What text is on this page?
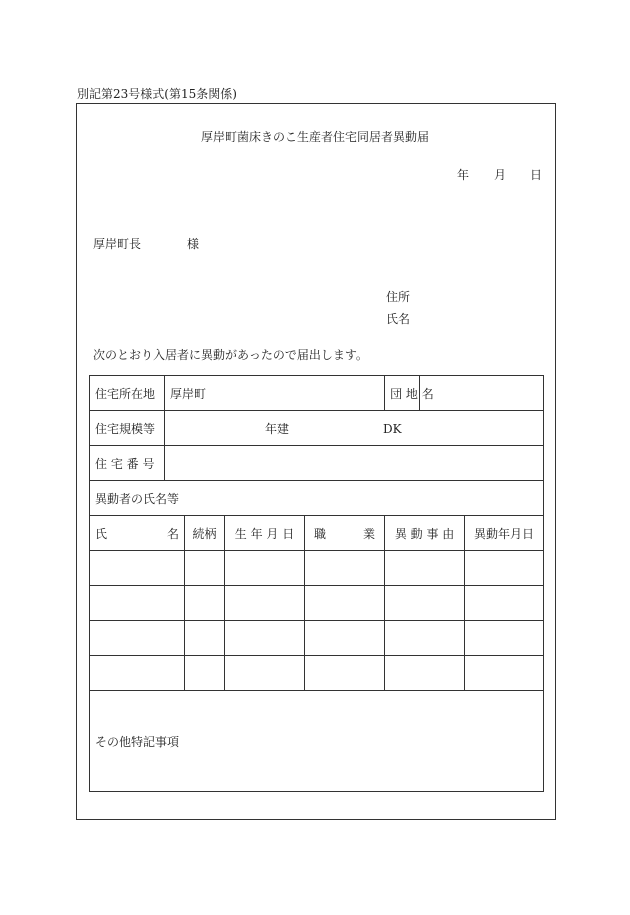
別記第23号様式(第15条関係)
厚岸町菌床きのこ生産者住宅同居者異動届
年 月 日
厚岸町長	様
住所
氏名
次のとおり入居者に異動があったので届出します。
住宅所在地	厚岸町				団 地 名		
住宅規模等	年建 DK						
住 宅 番 号							
異動者の氏名等							

氏 名		続柄	生 年 月 日	職 業	異 動 事 由		異動年月日

その他特記事項							
